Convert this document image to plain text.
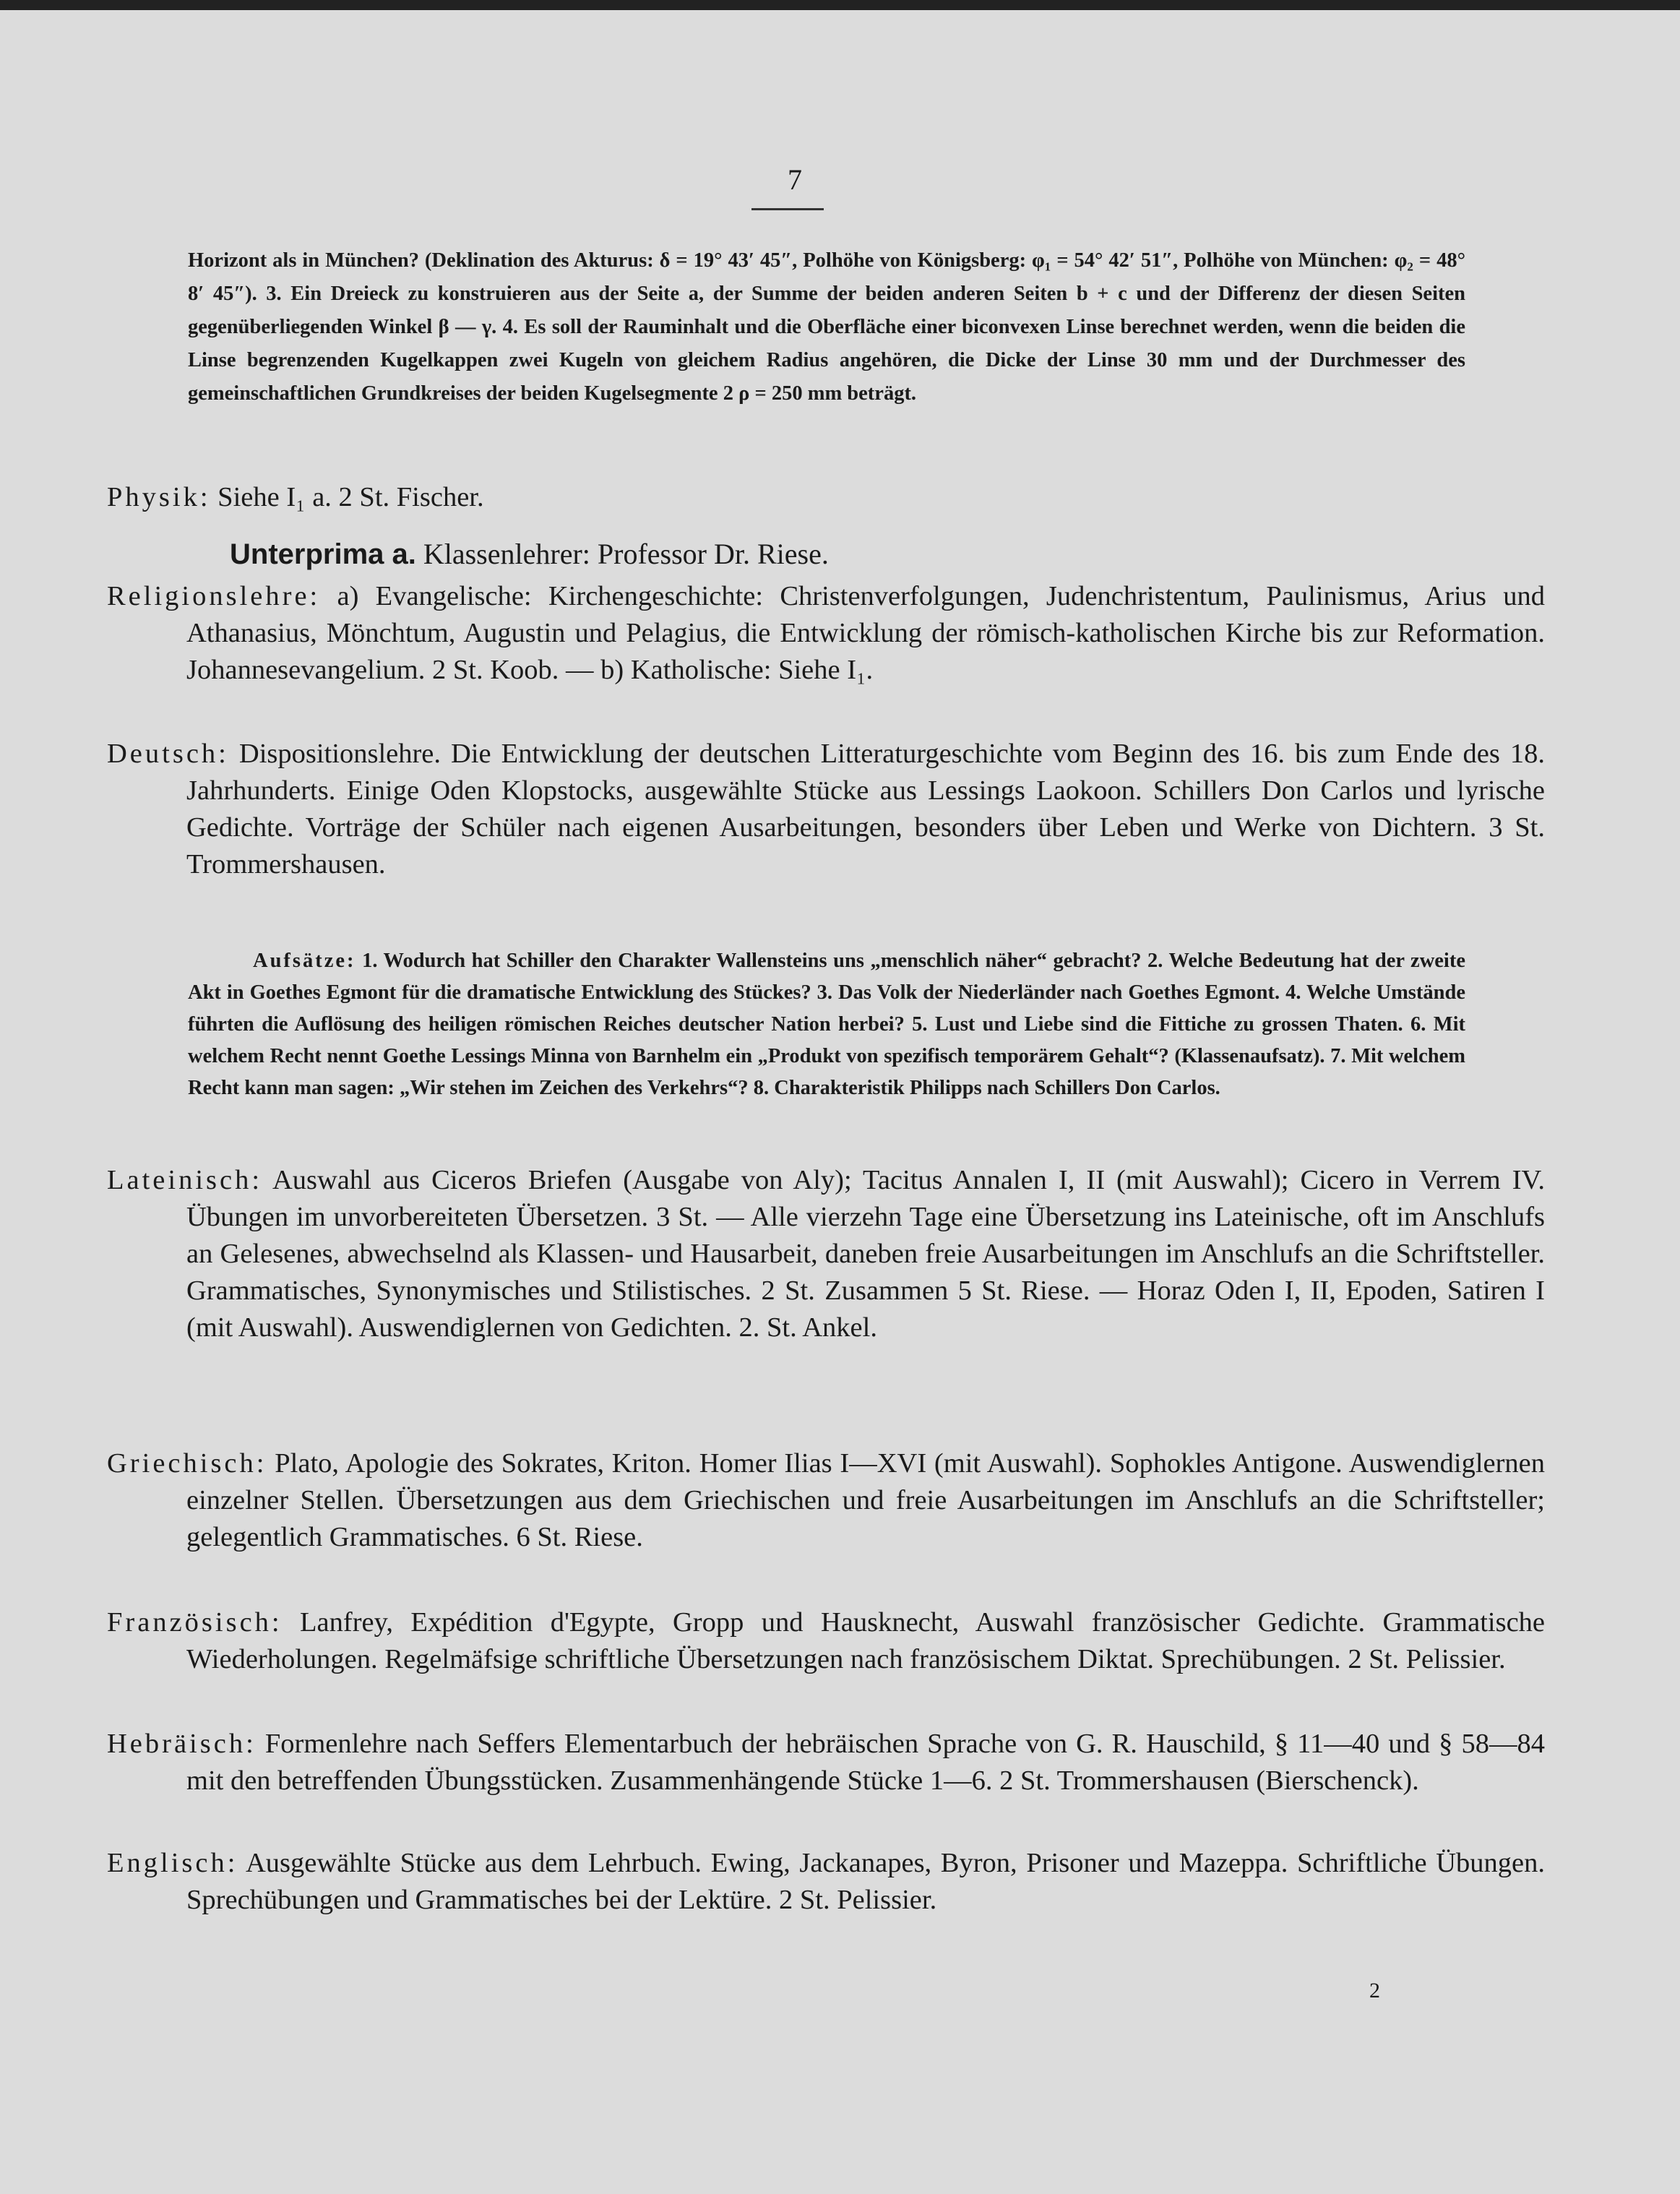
7
Horizont als in München? (Deklination des Akturus: δ = 19° 43′ 45″, Polhöhe von Königsberg: φ₁ = 54° 42′ 51″, Polhöhe von München: φ₂ = 48° 8′ 45″). 3. Ein Dreieck zu konstruieren aus der Seite a, der Summe der beiden anderen Seiten b + c und der Differenz der diesen Seiten gegenüberliegenden Winkel β — γ. 4. Es soll der Rauminhalt und die Oberfläche einer biconvexen Linse berechnet werden, wenn die beiden die Linse begrenzenden Kugelkappen zwei Kugeln von gleichem Radius angehören, die Dicke der Linse 30 mm und der Durchmesser des gemeinschaftlichen Grundkreises der beiden Kugelsegmente 2 ρ = 250 mm beträgt.
Physik: Siehe I₁ a. 2 St. Fischer.
Unterprima a. Klassenlehrer: Professor Dr. Riese.
Religionslehre: a) Evangelische: Kirchengeschichte: Christenverfolgungen, Judenchristentum, Paulinismus, Arius und Athanasius, Mönchtum, Augustin und Pelagius, die Entwicklung der römisch-katholischen Kirche bis zur Reformation. Johannesevangelium. 2 St. Koob. — b) Katholische: Siehe I₁.
Deutsch: Dispositionslehre. Die Entwicklung der deutschen Litteraturgeschichte vom Beginn des 16. bis zum Ende des 18. Jahrhunderts. Einige Oden Klopstocks, ausgewählte Stücke aus Lessings Laokoon. Schillers Don Carlos und lyrische Gedichte. Vorträge der Schüler nach eigenen Ausarbeitungen, besonders über Leben und Werke von Dichtern. 3 St. Trommershausen.
Aufsätze: 1. Wodurch hat Schiller den Charakter Wallensteins uns „menschlich näher“ gebracht? 2. Welche Bedeutung hat der zweite Akt in Goethes Egmont für die dramatische Entwicklung des Stückes? 3. Das Volk der Niederländer nach Goethes Egmont. 4. Welche Umstände führten die Auflösung des heiligen römischen Reiches deutscher Nation herbei? 5. Lust und Liebe sind die Fittiche zu grossen Thaten. 6. Mit welchem Recht nennt Goethe Lessings Minna von Barnhelm ein „Produkt von spezifisch temporärem Gehalt“? (Klassenaufsatz). 7. Mit welchem Recht kann man sagen: „Wir stehen im Zeichen des Verkehrs“? 8. Charakteristik Philipps nach Schillers Don Carlos.
Lateinisch: Auswahl aus Ciceros Briefen (Ausgabe von Aly); Tacitus Annalen I, II (mit Auswahl); Cicero in Verrem IV. Übungen im unvorbereiteten Übersetzen. 3 St. — Alle vierzehn Tage eine Übersetzung ins Lateinische, oft im Anschlufs an Gelesenes, abwechselnd als Klassen- und Hausarbeit, daneben freie Ausarbeitungen im Anschlufs an die Schriftsteller. Grammatisches, Synonymisches und Stilistisches. 2 St. Zusammen 5 St. Riese. — Horaz Oden I, II, Epoden, Satiren I (mit Auswahl). Auswendiglernen von Gedichten. 2. St. Ankel.
Griechisch: Plato, Apologie des Sokrates, Kriton. Homer Ilias I—XVI (mit Auswahl). Sophokles Antigone. Auswendiglernen einzelner Stellen. Übersetzungen aus dem Griechischen und freie Ausarbeitungen im Anschlufs an die Schriftsteller; gelegentlich Grammatisches. 6 St. Riese.
Französisch: Lanfrey, Expédition d'Egypte, Gropp und Hausknecht, Auswahl französischer Gedichte. Grammatische Wiederholungen. Regelmäfsige schriftliche Übersetzungen nach französischem Diktat. Sprechübungen. 2 St. Pelissier.
Hebräisch: Formenlehre nach Seffers Elementarbuch der hebräischen Sprache von G. R. Hauschild, § 11—40 und § 58—84 mit den betreffenden Übungsstücken. Zusammenhängende Stücke 1—6. 2 St. Trommershausen (Bierschenck).
Englisch: Ausgewählte Stücke aus dem Lehrbuch. Ewing, Jackanapes, Byron, Prisoner und Mazeppa. Schriftliche Übungen. Sprechübungen und Grammatisches bei der Lektüre. 2 St. Pelissier.
2
